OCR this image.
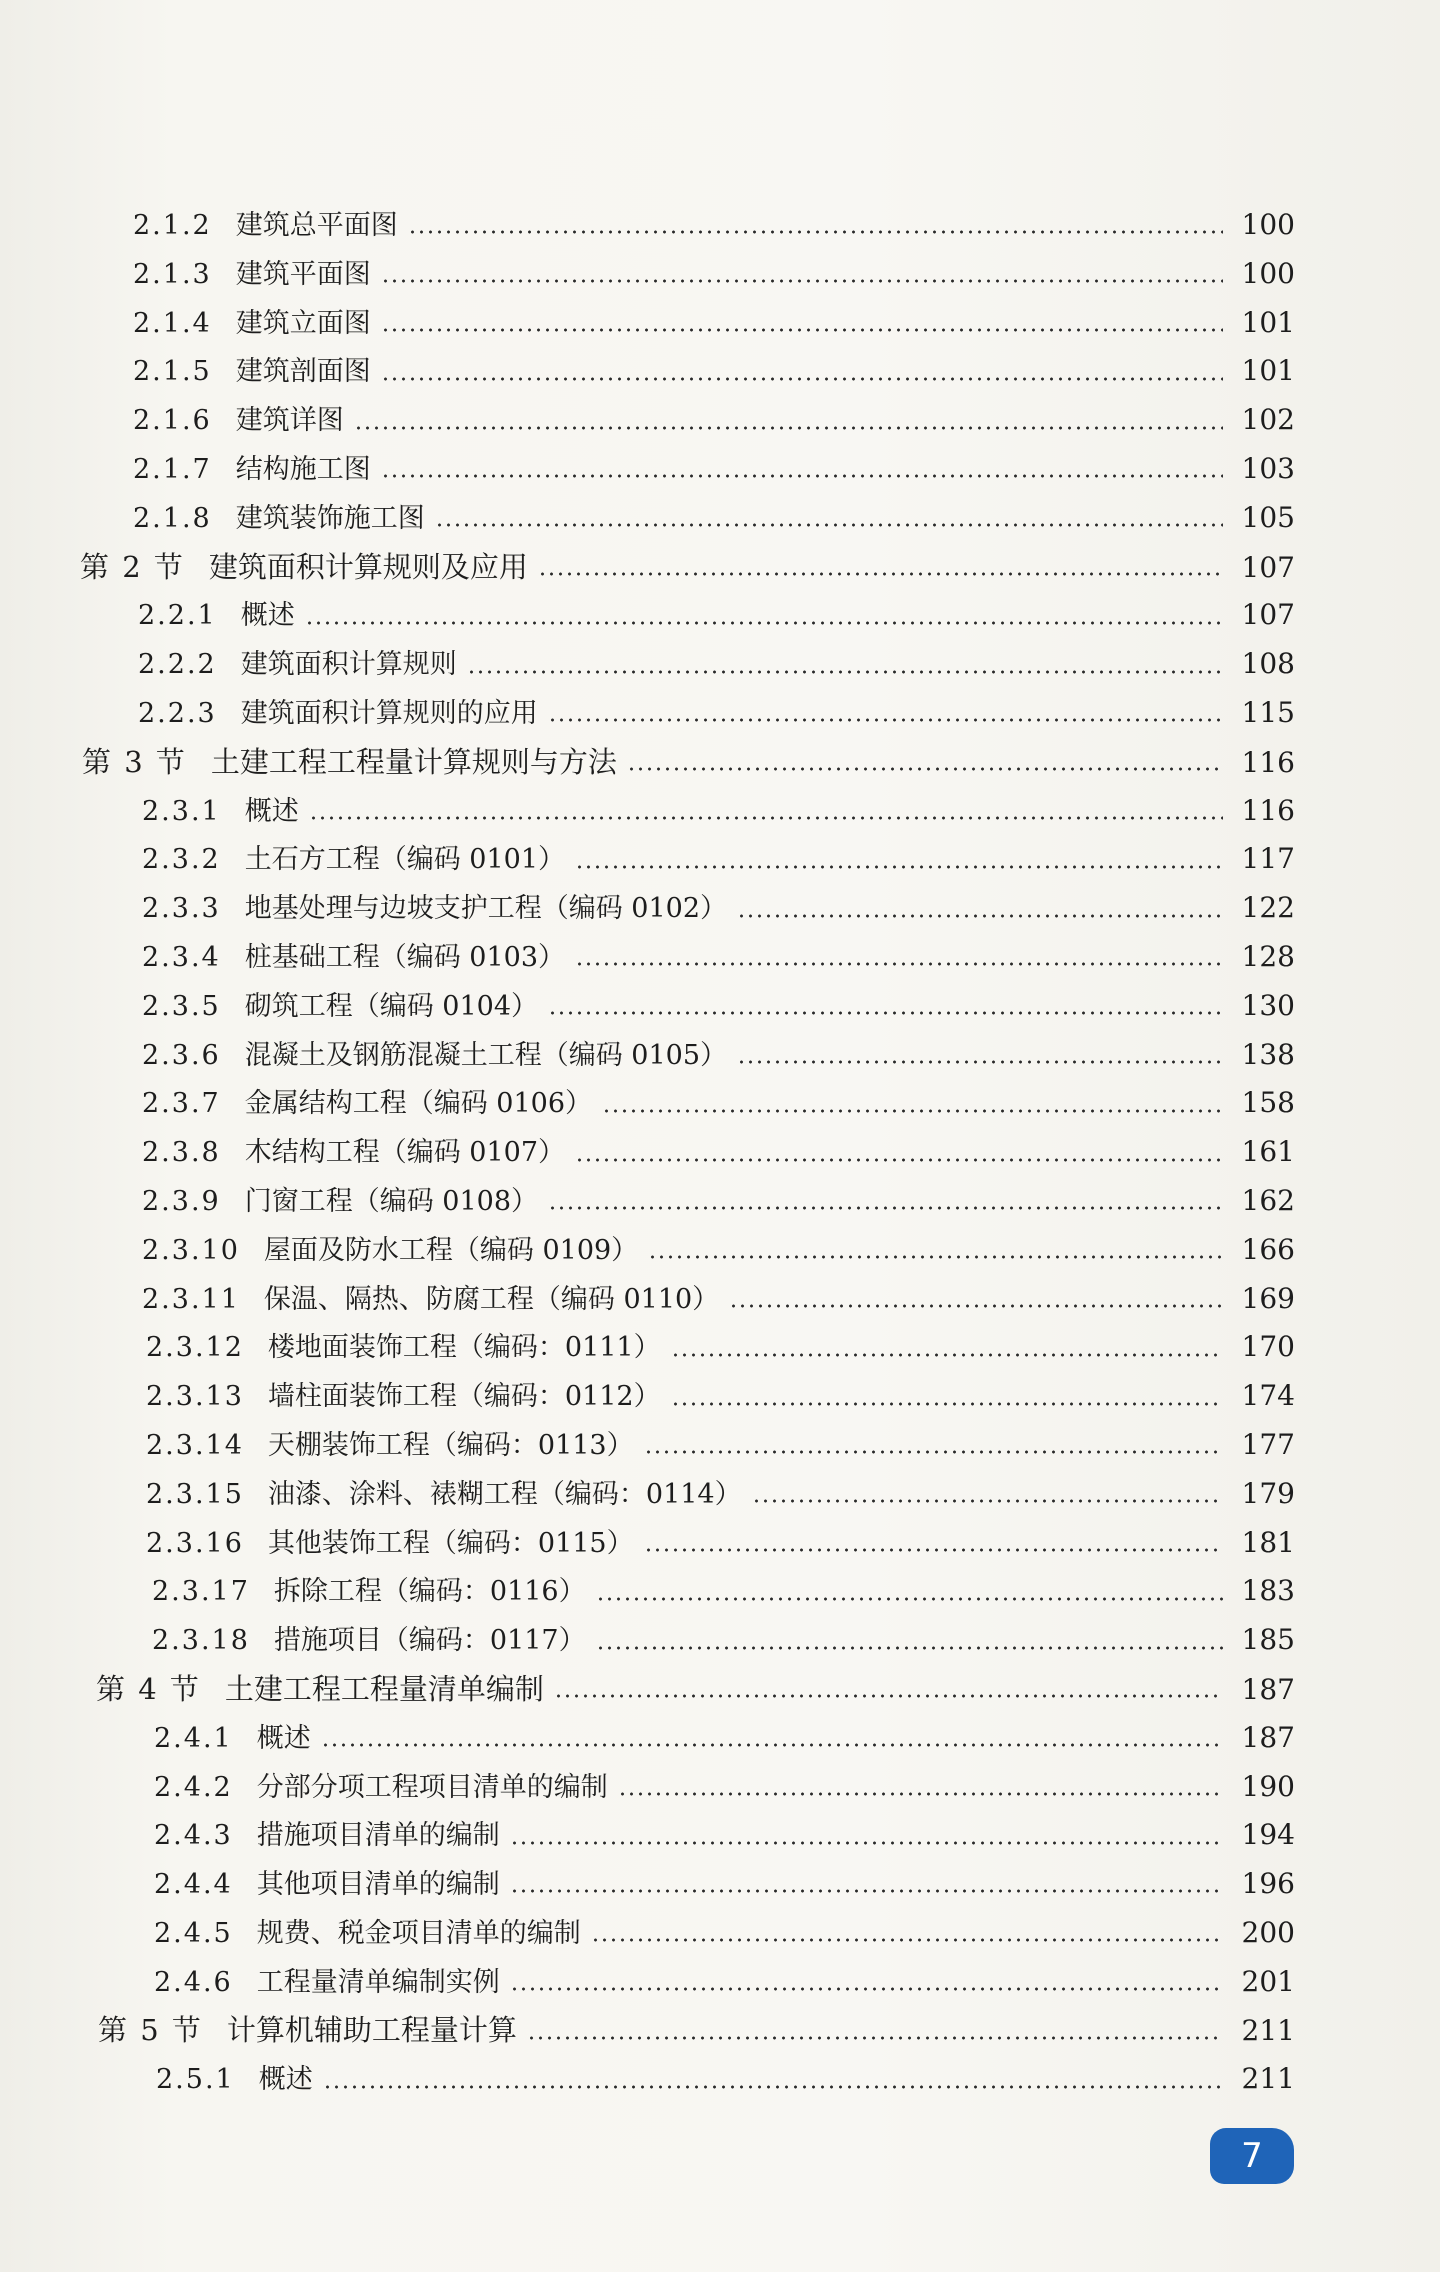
2.1.2 建筑总平面图	100
2.1.3 建筑平面图	100
2.1.4 建筑立面图	101
2.1.5 建筑剖面图	101
2.1.6 建筑详图	102
2.1.7 结构施工图	103
2.1.8 建筑装饰施工图	105
第 2 节 建筑面积计算规则及应用	107
2.2.1 概述	107
2.2.2 建筑面积计算规则	108
2.2.3 建筑面积计算规则的应用	115
第 3 节 土建工程工程量计算规则与方法	116
2.3.1 概述	116
2.3.2 土石方工程（编码 0101）	117
2.3.3 地基处理与边坡支护工程（编码 0102）	122
2.3.4 桩基础工程（编码 0103）	128
2.3.5 砌筑工程（编码 0104）	130
2.3.6 混凝土及钢筋混凝土工程（编码 0105）	138
2.3.7 金属结构工程（编码 0106）	158
2.3.8 木结构工程（编码 0107）	161
2.3.9 门窗工程（编码 0108）	162
2.3.10 屋面及防水工程（编码 0109）	166
2.3.11 保温、隔热、防腐工程（编码 0110）	169
2.3.12 楼地面装饰工程（编码：0111）	170
2.3.13 墙柱面装饰工程（编码：0112）	174
2.3.14 天棚装饰工程（编码：0113）	177
2.3.15 油漆、涂料、裱糊工程（编码：0114）	179
2.3.16 其他装饰工程（编码：0115）	181
2.3.17 拆除工程（编码：0116）	183
2.3.18 措施项目（编码：0117）	185
第 4 节 土建工程工程量清单编制	187
2.4.1 概述	187
2.4.2 分部分项工程项目清单的编制	190
2.4.3 措施项目清单的编制	194
2.4.4 其他项目清单的编制	196
2.4.5 规费、税金项目清单的编制	200
2.4.6 工程量清单编制实例	201
第 5 节 计算机辅助工程量计算	211
2.5.1 概述	211
7
